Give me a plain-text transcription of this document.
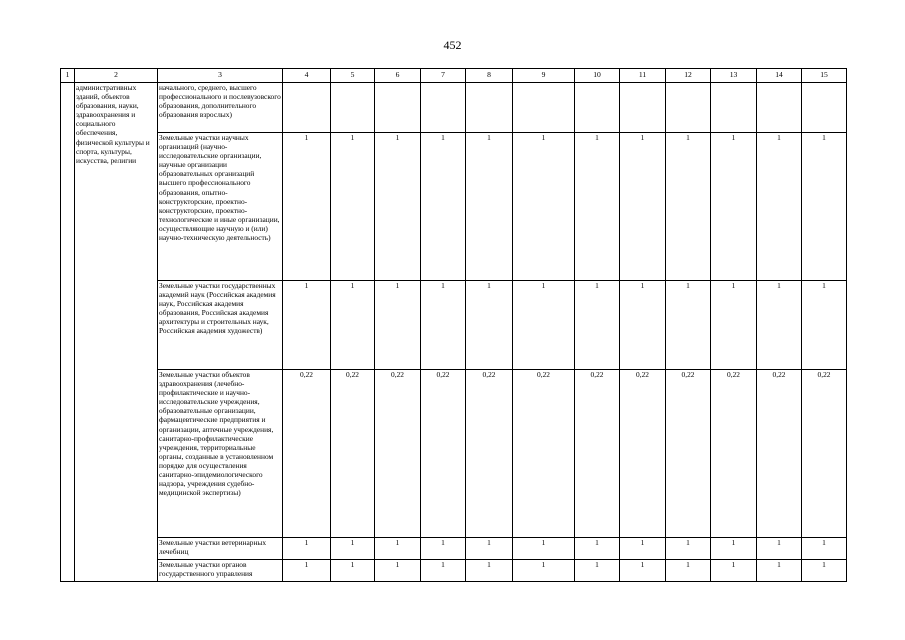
452
1	2	3	4	5	6	7	8	9	10	11	12	13	14	15
	административных зданий, объектов образования, науки, здравоохранения и социального обеспечения, физической культуры и спорта, культуры, искусства, религии	начального, среднего, высшего профессионального и послевузовского образования, дополнительного образования взрослых)												
		Земельные участки научных организаций (научно-исследовательские организации, научные организации образовательных организаций высшего профессионального образования, опытно-конструкторские, проектно-конструкторские, проектно-технологические и иные организации, осуществляющие научную и (или) научно-техническую деятельность)	1	1	1	1	1	1	1	1	1	1	1	1
		Земельные участки государственных академий наук (Российская академия наук, Российская академия образования, Российская академия архитектуры и строительных наук, Российская академия художеств)	1	1	1	1	1	1	1	1	1	1	1	1
		Земельные участки объектов здравоохранения (лечебно-профилактические и научно-исследовательские учреждения, образовательные организации, фармацевтические предприятия и организации, аптечные учреждения, санитарно-профилактические учреждения, территориальные органы, созданные в установленном порядке для осуществления санитарно-эпидемиологического надзора, учреждения судебно-медицинской экспертизы)	0,22	0,22	0,22	0,22	0,22	0,22	0,22	0,22	0,22	0,22	0,22	0,22
		Земельные участки ветеринарных лечебниц	1	1	1	1	1	1	1	1	1	1	1	1
		Земельные участки органов государственного управления	1	1	1	1	1	1	1	1	1	1	1	1
